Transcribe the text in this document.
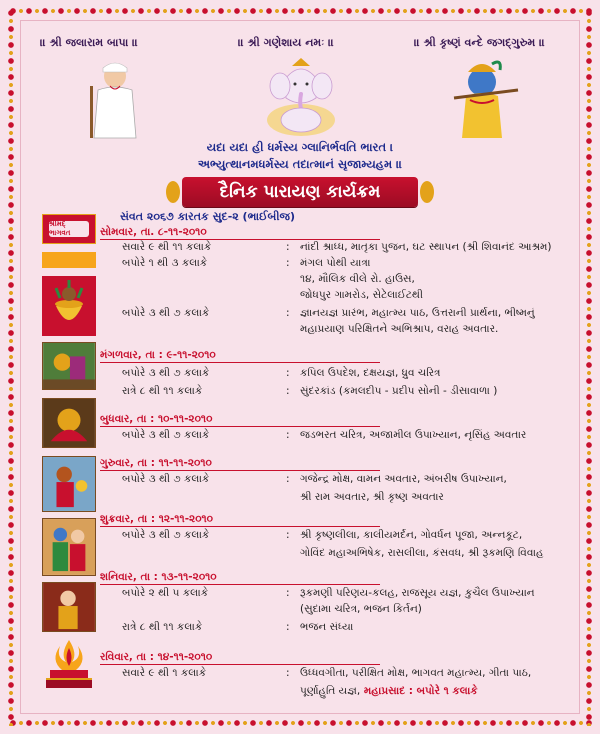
॥ શ્રી જલારામ બાપા ॥	॥ શ્રી ગણેશાય નમઃ ॥	॥ શ્રી કૃષ્ણં વન્દે જગદ્ગુરુમ ॥
યદા યદા હી ધર્મસ્ય ગ્લાનિર્ભવતિ ભારત ।
અભ્યુત્થાનમધર્મસ્ય તદાત્માનં સૃજામ્યહમ ॥
દૈનિક પારાયણ કાર્યક્રમ
સંવત ૨૦૬૭ કારતક સુદ-૨ (ભાઈબીજ)
શ્રીમદ્ ભાગવત	સોમવાર, તા. ૮-૧૧-૨૦૧૦
સવારે ૯ થી ૧૧ કલાકે	: નાંદી શ્રાધ્ધ, માતૃકા પુજન, ઘટ સ્થાપન (શ્રી શિવાનંદ આશ્રમ)
બપોરે ૧ થી ૩ કલાકે	: મંગલ પોથી યાત્રા
૧૪, મૌલિક વીલે રો. હાઉસ,
જોધપુર ગામરોડ, સેટેલાઈટથી
બપોરે ૩ થી ૭ કલાકે	: જ્ઞાનયજ્ઞ પ્રારંભ, મહાત્મ્ય પાઠ, ઉત્તરાની પ્રાર્થના, ભીષ્મનું
મહાપ્રયાણ પરિક્ષિતને અભિશ્રાપ, વરાહ અવતાર.
મંગળવાર, તા : ૯-૧૧-૨૦૧૦
બપોરે ૩ થી ૭ કલાકે	: કપિલ ઉપદેશ, દક્ષયજ્ઞ, ધ્રુવ ચરિત્ર
રાત્રે ૮ થી ૧૧ કલાકે	: સુંદરકાંડ (કમલદીપ - પ્રદીપ સોની - ડીસાવાળા )
બુધવાર, તા : ૧૦-૧૧-૨૦૧૦
બપોરે ૩ થી ૭ કલાકે	: જડભરત ચરિત્ર, અજામીલ ઉપાખ્યાન, નૃસિંહ અવતાર
ગુરુવાર, તા : ૧૧-૧૧-૨૦૧૦
બપોરે ૩ થી ૭ કલાકે	: ગજેન્દ્ર મોક્ષ, વામન અવતાર, અંબરીષ ઉપાખ્યાન,
શ્રી રામ અવતાર, શ્રી કૃષ્ણ અવતાર
શુક્રવાર, તા : ૧૨-૧૧-૨૦૧૦
બપોરે ૩ થી ૭ કલાકે	: શ્રી કૃષ્ણલીલા, કાલીયમર્દન, ગોવર્ધન પૂજા, અન્નકૂટ,
ગોવિંદ મહાઅભિષેક, રાસલીલા, કંસવધ, શ્રી રૂકમણિ વિવાહ
શનિવાર, તા : ૧૩-૧૧-૨૦૧૦
બપોરે ૨ થી ૫ કલાકે	: રૂકમણી પરિણય-કલહ, રાજસૂય યજ્ઞ, કુચૈલ ઉપાખ્યાન
(સુદામા ચરિત્ર, ભજન કિર્તન)
રાત્રે ૮ થી ૧૧ કલાકે	: ભજન સંધ્યા
રવિવાર, તા : ૧૪-૧૧-૨૦૧૦
સવારે ૯ થી ૧ કલાકે	: ઉધ્ધવગીતા, પરીક્ષિત મોક્ષ, ભાગવત મહાત્મ્ય, ગીતા પાઠ,
પૂર્ણાહુતિ યજ્ઞ, મહાપ્રસાદ : બપોરે ૧ કલાકે
